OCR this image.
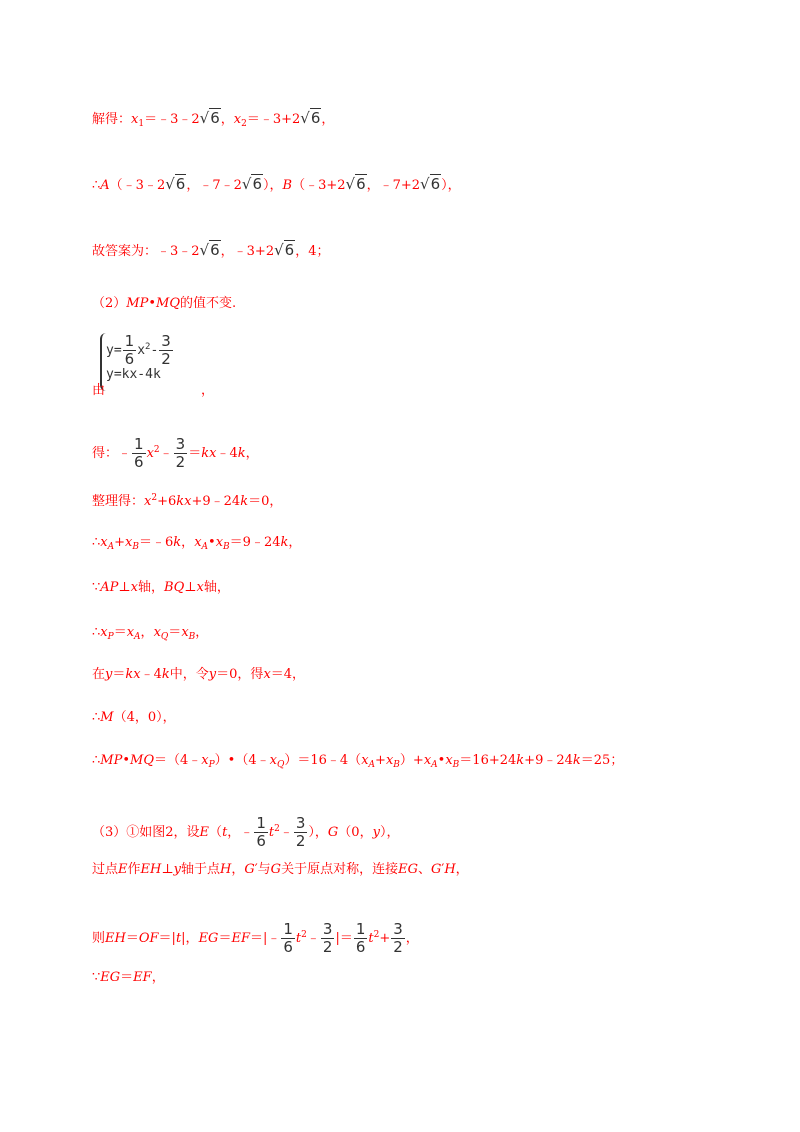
解得：$x_1=﹣3﹣2√6$，$x_2=﹣3+2√6$，
∴A（﹣3﹣2√6，﹣7﹣2√6），B（﹣3+2√6，﹣7+2√6），
故答案为：﹣3﹣2√6，﹣3+2√6，4；
（2）MP•MQ的值不变.
$y= \frac{1}{6} x^2- \frac{3}{2}$
y=kx-4k
由	，
得：﹣ $\frac{1}{6}$ $x^2﹣ \frac{3}{2}$ ＝kx﹣4k，
整理得：$x^2+6kx+9﹣24k=0$，
$\therefore x_A+x_B=﹣6k$，$x_A•x_B=9﹣24k$，
∵AP⊥x轴，BQ⊥x轴，
$\therefore x_P=x_A$，$x_Q=x_B$，
在y＝kx﹣4k中，令y＝0，得x＝4，
∴M（4，0），
$\therefore MP•MQ=(4﹣x_P)•(4﹣x_Q)=16﹣4(x_A+x_B)+x_A•x_B=16+24k+9﹣24k=25$；
（3）①如图2，设E（t，﹣ $\frac{1}{6}$ $t^2﹣ \frac{3}{2}$ ），G（0，y），
过点E作EH⊥y轴于点H，G′与G关于原点对称，连接EG、G′H，
则EH＝OF＝|t|，EG＝EF＝|﹣ $\frac{1}{6}$ $t^2﹣ \frac{3}{2}$ |＝ $\frac{1}{6} t^2+ \frac{3}{2}$ ，
∵EG＝EF，
